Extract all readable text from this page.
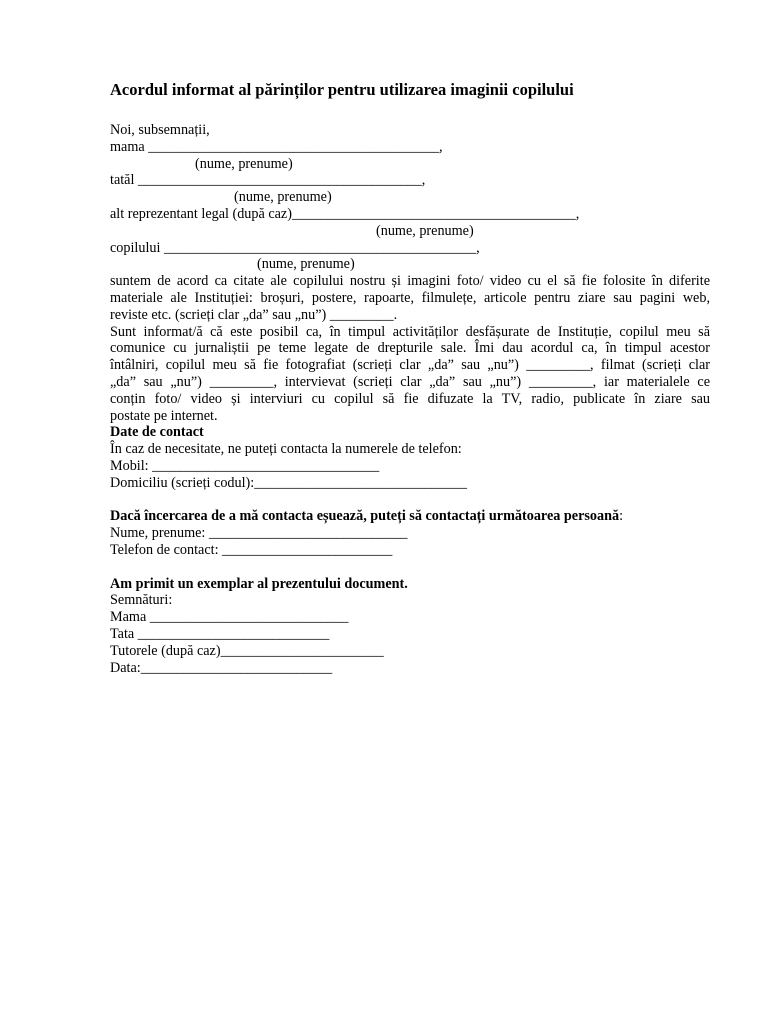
Acordul informat al părinților pentru utilizarea imaginii copilului
Noi, subsemnații,
mama _________________________________________,
(nume, prenume)
tatăl ________________________________________,
(nume, prenume)
alt reprezentant legal (după caz)________________________________________,
(nume, prenume)
copilului ____________________________________________,
(nume, prenume)
suntem de acord ca citate ale copilului nostru și imagini foto/ video cu el să fie folosite în diferite
materiale ale Instituției: broșuri, postere, rapoarte, filmulețe, articole pentru ziare sau pagini web,
reviste etc. (scrieți clar „da” sau „nu”) _________.
Sunt informat/ă că este posibil ca, în timpul activităților desfășurate de Instituție, copilul meu să
comunice cu jurnaliștii pe teme legate de drepturile sale. Îmi dau acordul ca, în timpul acestor
întâlniri, copilul meu să fie fotografiat (scrieți clar „da” sau „nu”) _________, filmat (scrieți clar
„da” sau „nu”) _________, intervievat (scrieți clar „da” sau „nu”) _________, iar materialele ce
conțin foto/ video și interviuri cu copilul să fie difuzate la TV, radio, publicate în ziare sau
postate pe internet.
Date de contact
În caz de necesitate, ne puteți contacta la numerele de telefon:
Mobil: ________________________________
Domiciliu (scrieți codul):______________________________
Dacă încercarea de a mă contacta eșuează, puteți să contactați următoarea persoană:
Nume, prenume: ____________________________
Telefon de contact: ________________________
Am primit un exemplar al prezentului document.
Semnături:
Mama ____________________________
Tata ___________________________
Tutorele (după caz)_______________________
Data:___________________________
